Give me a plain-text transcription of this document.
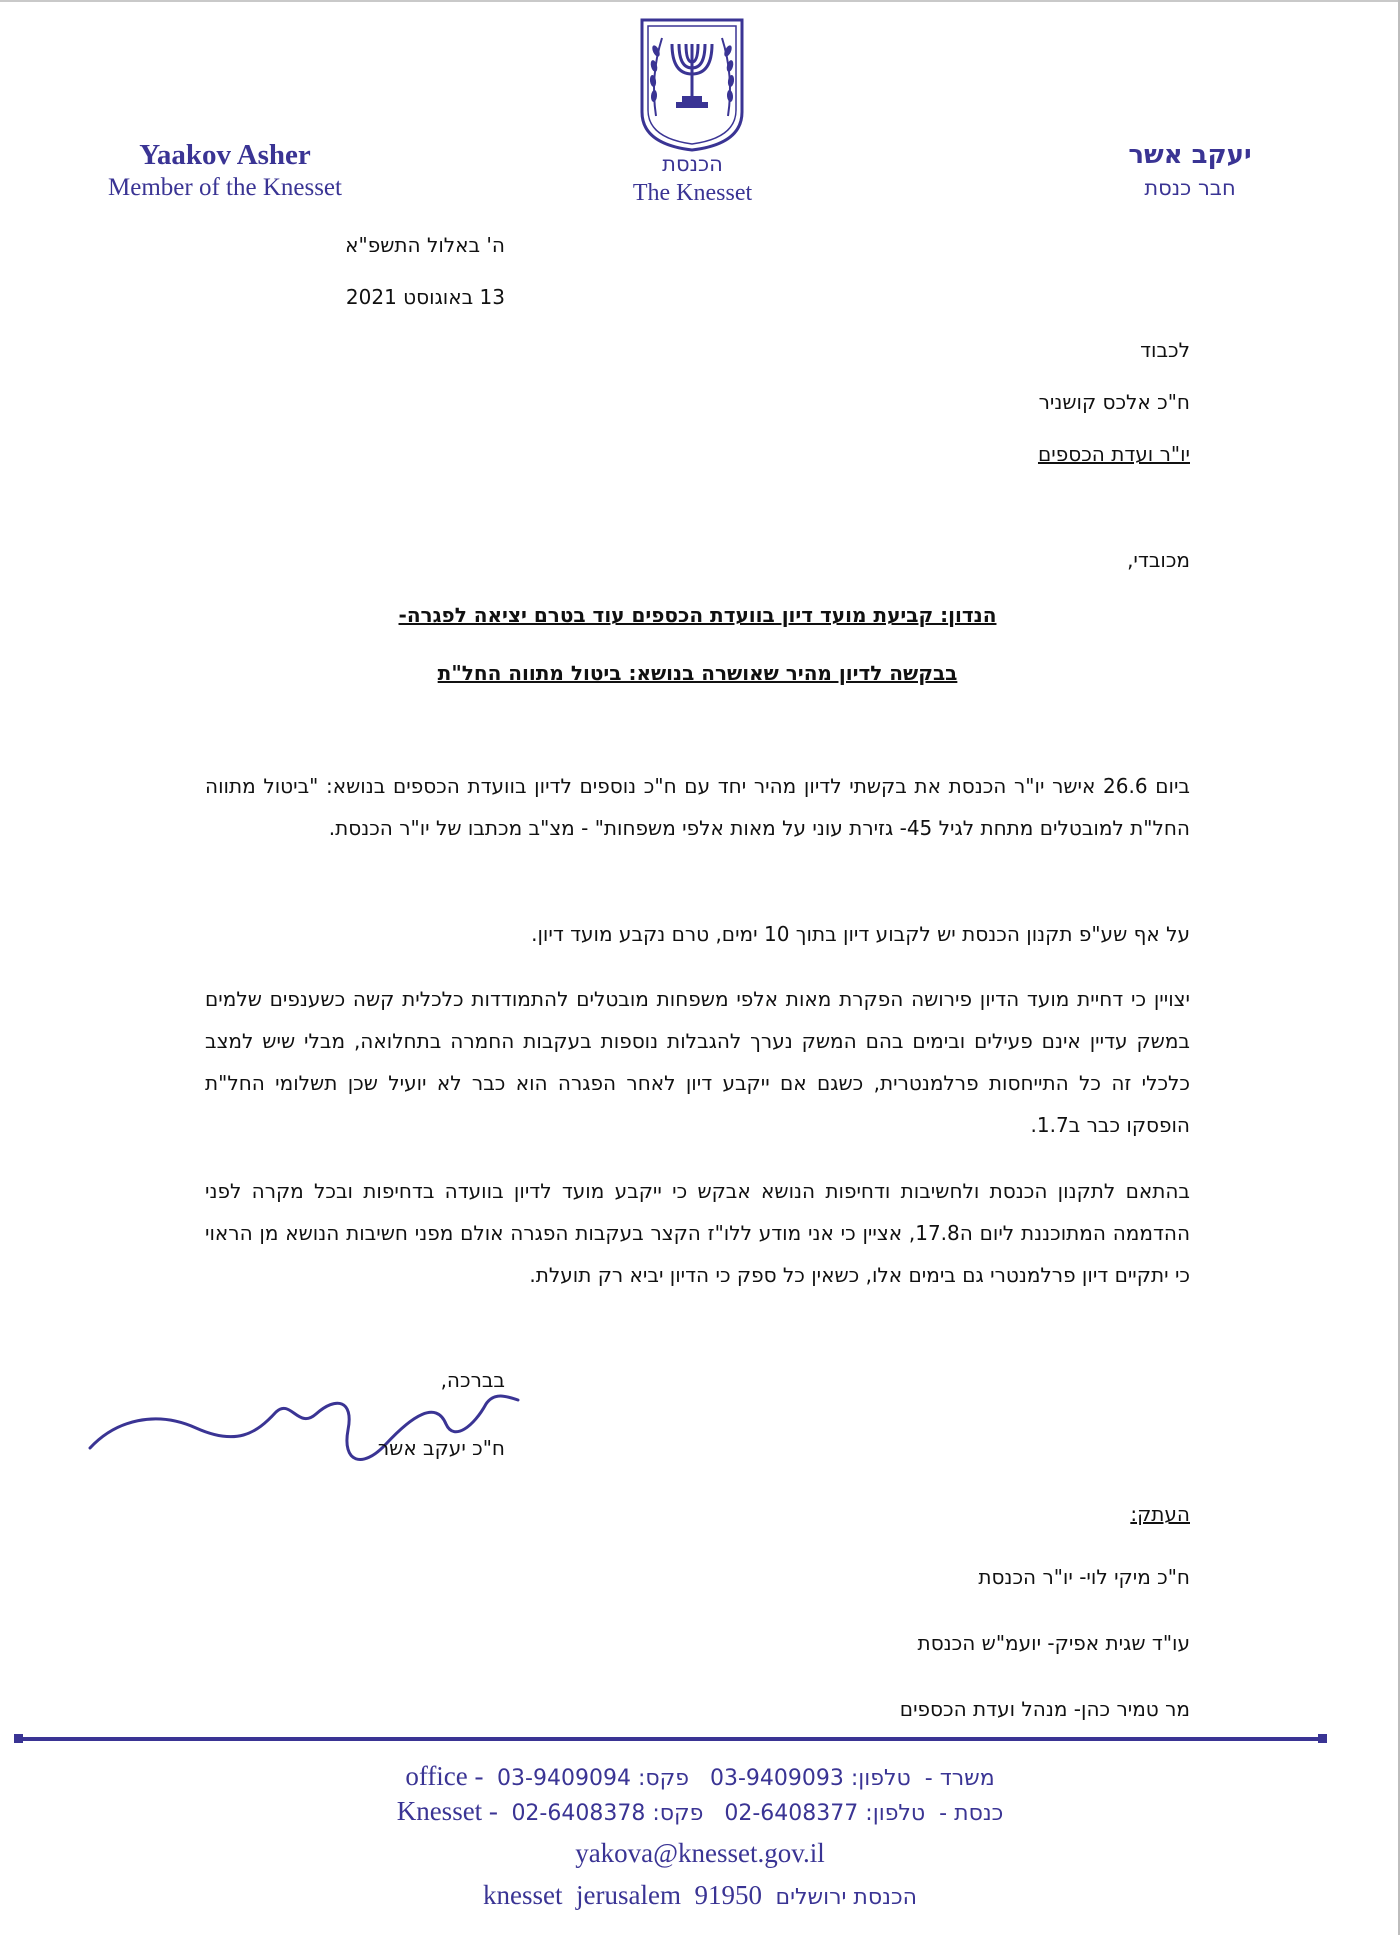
Yaakov Asher
Member of the Knesset
הכנסת
The Knesset
יעקב אשר
חבר כנסת
ה' באלול התשפ"א
13 באוגוסט 2021
לכבוד
ח"כ אלכס קושניר
יו"ר ועדת הכספים
מכובדי,
הנדון: קביעת מועד דיון בוועדת הכספים עוד בטרם יציאה לפגרה-
בבקשה לדיון מהיר שאושרה בנושא: ביטול מתווה החל"ת
ביום 26.6 אישר יו"ר הכנסת את בקשתי לדיון מהיר יחד עם ח"כ נוספים לדיון בוועדת הכספים בנושא: "ביטול מתווה החל"ת למובטלים מתחת לגיל 45- גזירת עוני על מאות אלפי משפחות" - מצ"ב מכתבו של יו"ר הכנסת.
על אף שע"פ תקנון הכנסת יש לקבוע דיון בתוך 10 ימים, טרם נקבע מועד דיון.
יצויין כי דחיית מועד הדיון פירושה הפקרת מאות אלפי משפחות מובטלים להתמודדות כלכלית קשה כשענפים שלמים במשק עדיין אינם פעילים ובימים בהם המשק נערך להגבלות נוספות בעקבות החמרה בתחלואה, מבלי שיש למצב כלכלי זה כל התייחסות פרלמנטרית, כשגם אם ייקבע דיון לאחר הפגרה הוא כבר לא יועיל שכן תשלומי החל"ת הופסקו כבר ב1.7.
בהתאם לתקנון הכנסת ולחשיבות ודחיפות הנושא אבקש כי ייקבע מועד לדיון בוועדה בדחיפות ובכל מקרה לפני ההדממה המתוכננת ליום ה17.8, אציין כי אני מודע ללו"ז הקצר בעקבות הפגרה אולם מפני חשיבות הנושא מן הראוי כי יתקיים דיון פרלמנטרי גם בימים אלו, כשאין כל ספק כי הדיון יביא רק תועלת.
בברכה,
ח"כ יעקב אשר
העתק:
ח"כ מיקי לוי- יו"ר הכנסת
עו"ד שגית אפיק- יועמ"ש הכנסת
מר טמיר כהן- מנהל ועדת הכספים
office - משרד -  טלפון: 03-9409093   פקס: 03-9409094
Knesset - כנסת -  טלפון: 02-6408377   פקס: 02-6408378
yakova@knesset.gov.il
knesset  jerusalem  91950 הכנסת ירושלים
